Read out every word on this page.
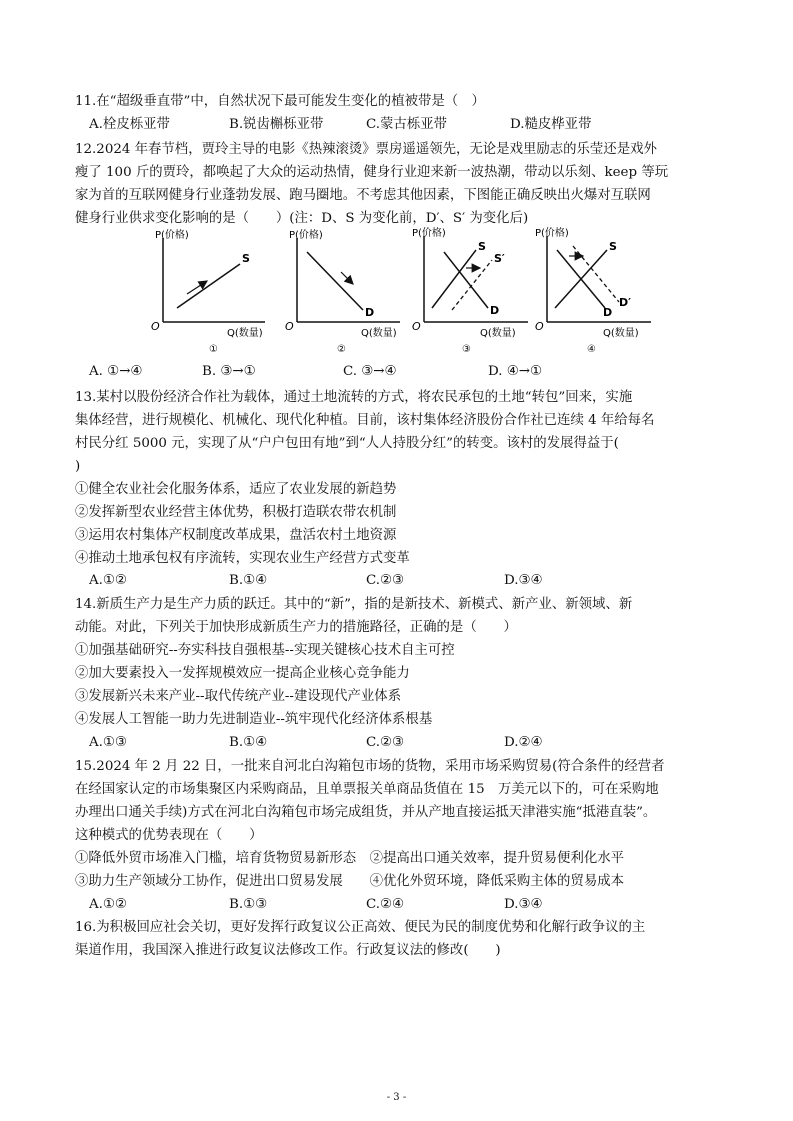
11.在“超级垂直带”中，自然状况下最可能发生变化的植被带是（　）
A.栓皮栎亚带	B.锐齿槲栎亚带	C.蒙古栎亚带	D.糙皮桦亚带
12.2024 年春节档，贾玲主导的电影《热辣滚烫》票房遥遥领先，无论是戏里励志的乐莹还是戏外
瘦了 100 斤的贾玲，都唤起了大众的运动热情，健身行业迎来新一波热潮，带动以乐刻、keep 等玩
家为首的互联网健身行业蓬勃发展、跑马圈地。不考虑其他因素，下图能正确反映出火爆对互联网
健身行业供求变化影响的是（　　）(注：D、S 为变化前，D′、S′ 为变化后)
P(价格)
Q(数量)
O
S
①
P(价格)
Q(数量)
O
D
②
P(价格)
Q(数量)
O
S
S′
D
③
P(价格)
Q(数量)
O
S
D
D′
④
A. ①→④	B. ③→①	C. ③→④	D. ④→①
13.某村以股份经济合作社为载体，通过土地流转的方式，将农民承包的土地“转包”回来，实施
集体经营，进行规模化、机械化、现代化种植。目前，该村集体经济股份合作社已连续 4 年给每名
村民分红 5000 元，实现了从“户户包田有地”到“人人持股分红”的转变。该村的发展得益于(
)
①健全农业社会化服务体系，适应了农业发展的新趋势
②发挥新型农业经营主体优势，积极打造联农带农机制
③运用农村集体产权制度改革成果，盘活农村土地资源
④推动土地承包权有序流转，实现农业生产经营方式变革
A.①②	B.①④	C.②③	D.③④
14.新质生产力是生产力质的跃迁。其中的“新”，指的是新技术、新模式、新产业、新领域、新
动能。对此，下列关于加快形成新质生产力的措施路径，正确的是（　　）
①加强基础研究--夯实科技自强根基--实现关键核心技术自主可控
②加大要素投入一发挥规模效应一提高企业核心竞争能力
③发展新兴未来产业--取代传统产业--建设现代产业体系
④发展人工智能一助力先进制造业--筑牢现代化经济体系根基
A.①③	B.①④	C.②③	D.②④
15.2024 年 2 月 22 日，一批来自河北白沟箱包市场的货物，采用市场采购贸易(符合条件的经营者
在经国家认定的市场集聚区内采购商品，且单票报关单商品货值在 15　万美元以下的，可在采购地
办理出口通关手续)方式在河北白沟箱包市场完成组货，并从产地直接运抵天津港实施“抵港直装”。
这种模式的优势表现在（　　）
①降低外贸市场准入门槛，培育货物贸易新形态　②提高出口通关效率，提升贸易便利化水平
③助力生产领域分工协作，促进出口贸易发展　　④优化外贸环境，降低采购主体的贸易成本
A.①②	B.①③	C.②④	D.③④
16.为积极回应社会关切，更好发挥行政复议公正高效、便民为民的制度优势和化解行政争议的主
渠道作用，我国深入推进行政复议法修改工作。行政复议法的修改(　　)
- 3 -
